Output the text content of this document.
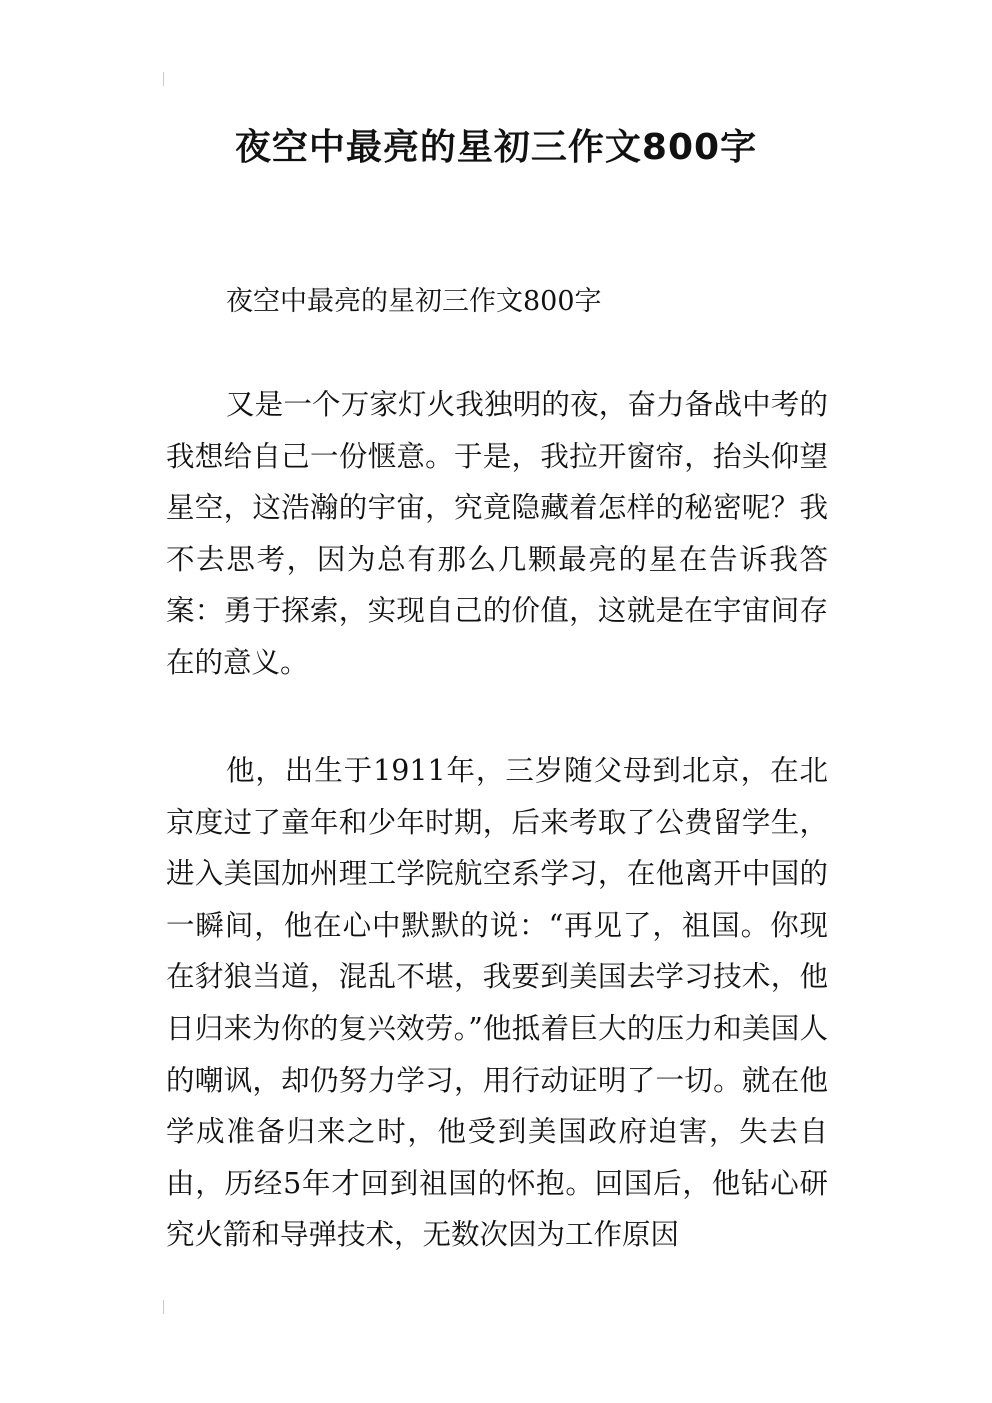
夜空中最亮的星初三作文800字

夜空中最亮的星初三作文800字

又是一个万家灯火我独明的夜，奋力备战中考的我想给自己一份惬意。于是，我拉开窗帘，抬头仰望星空，这浩瀚的宇宙，究竟隐藏着怎样的秘密呢？我不去思考，因为总有那么几颗最亮的星在告诉我答案：勇于探索，实现自己的价值，这就是在宇宙间存在的意义。

他，出生于1911年，三岁随父母到北京，在北京度过了童年和少年时期，后来考取了公费留学生，进入美国加州理工学院航空系学习，在他离开中国的一瞬间，他在心中默默的说：“再见了，祖国。你现在豺狼当道，混乱不堪，我要到美国去学习技术，他日归来为你的复兴效劳。”他抵着巨大的压力和美国人的嘲讽，却仍努力学习，用行动证明了一切。就在他学成准备归来之时，他受到美国政府迫害，失去自由，历经5年才回到祖国的怀抱。回国后，他钻心研究火箭和导弹技术，无数次因为工作原因
